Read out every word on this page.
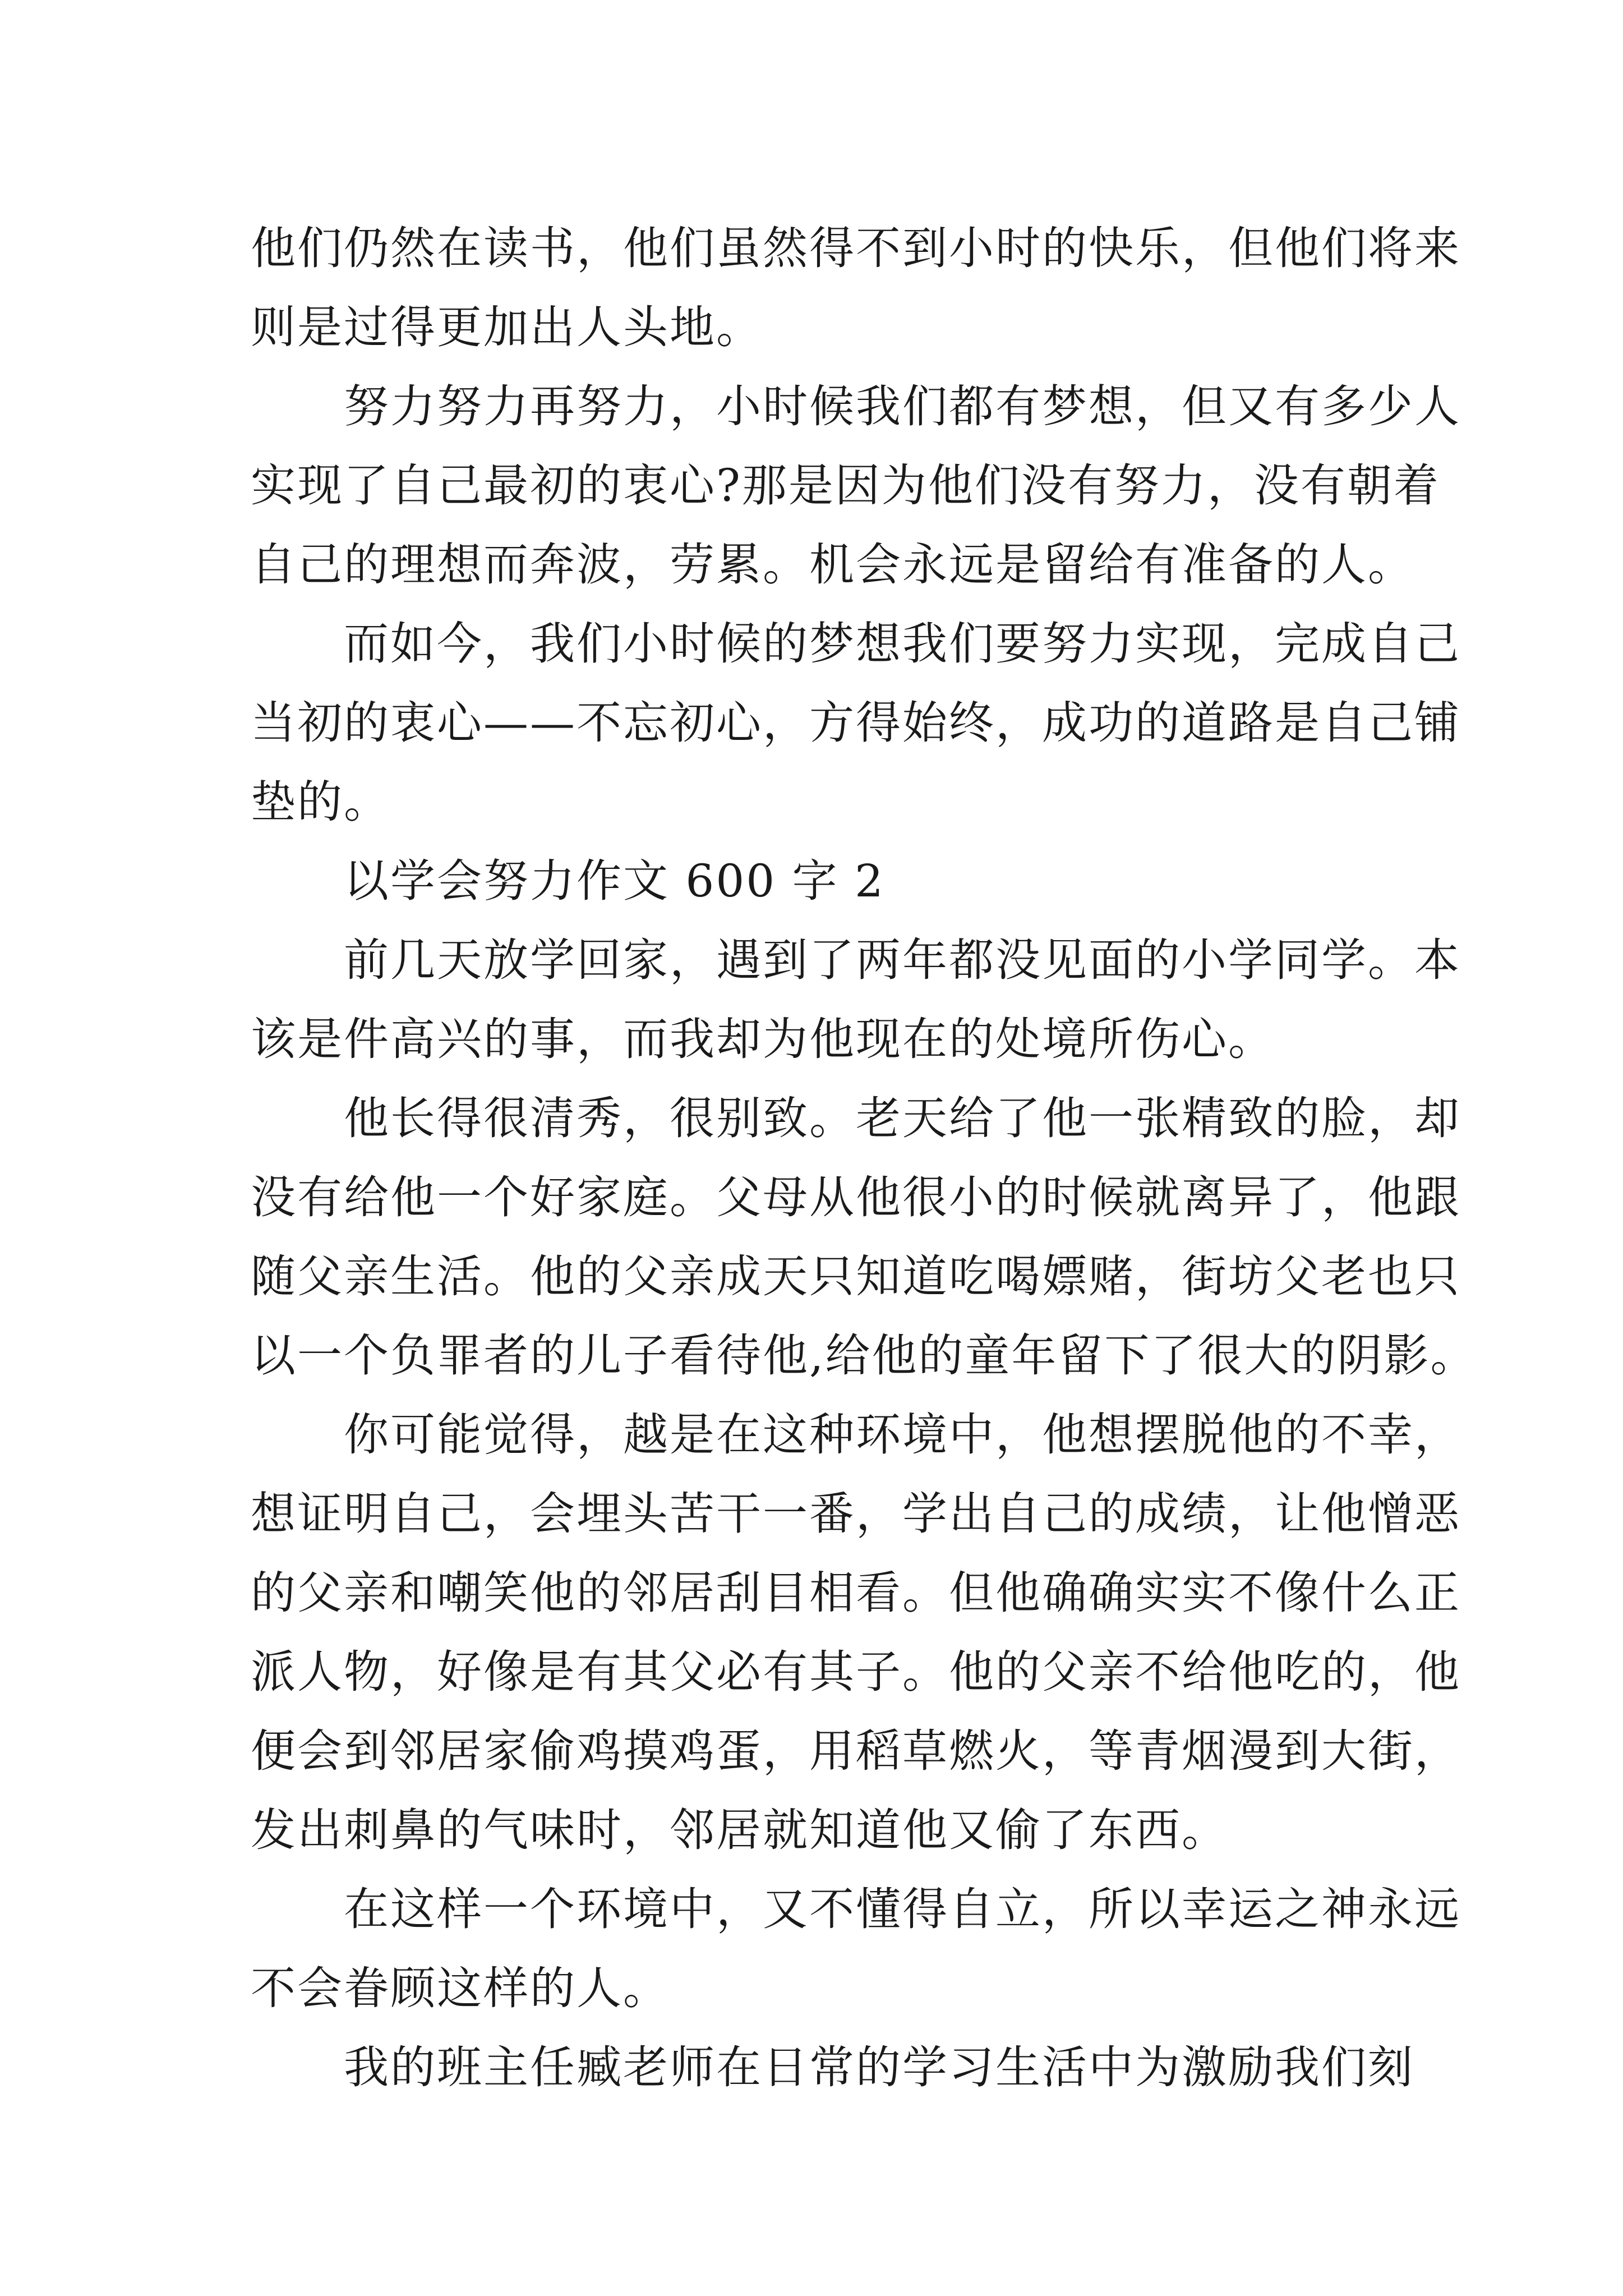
他们仍然在读书，他们虽然得不到小时的快乐，但他们将来
则是过得更加出人头地。
　　努力努力再努力，小时候我们都有梦想，但又有多少人
实现了自己最初的衷心?那是因为他们没有努力，没有朝着
自己的理想而奔波，劳累。机会永远是留给有准备的人。
　　而如今，我们小时候的梦想我们要努力实现，完成自己
当初的衷心——不忘初心，方得始终，成功的道路是自己铺
垫的。
　　以学会努力作文 600 字 2
　　前几天放学回家，遇到了两年都没见面的小学同学。本
该是件高兴的事，而我却为他现在的处境所伤心。
　　他长得很清秀，很别致。老天给了他一张精致的脸，却
没有给他一个好家庭。父母从他很小的时候就离异了，他跟
随父亲生活。他的父亲成天只知道吃喝嫖赌，街坊父老也只
以一个负罪者的儿子看待他,给他的童年留下了很大的阴影。
　　你可能觉得，越是在这种环境中，他想摆脱他的不幸，
想证明自己，会埋头苦干一番，学出自己的成绩，让他憎恶
的父亲和嘲笑他的邻居刮目相看。但他确确实实不像什么正
派人物，好像是有其父必有其子。他的父亲不给他吃的，他
便会到邻居家偷鸡摸鸡蛋，用稻草燃火，等青烟漫到大街，
发出刺鼻的气味时，邻居就知道他又偷了东西。
　　在这样一个环境中，又不懂得自立，所以幸运之神永远
不会眷顾这样的人。
　　我的班主任臧老师在日常的学习生活中为激励我们刻
